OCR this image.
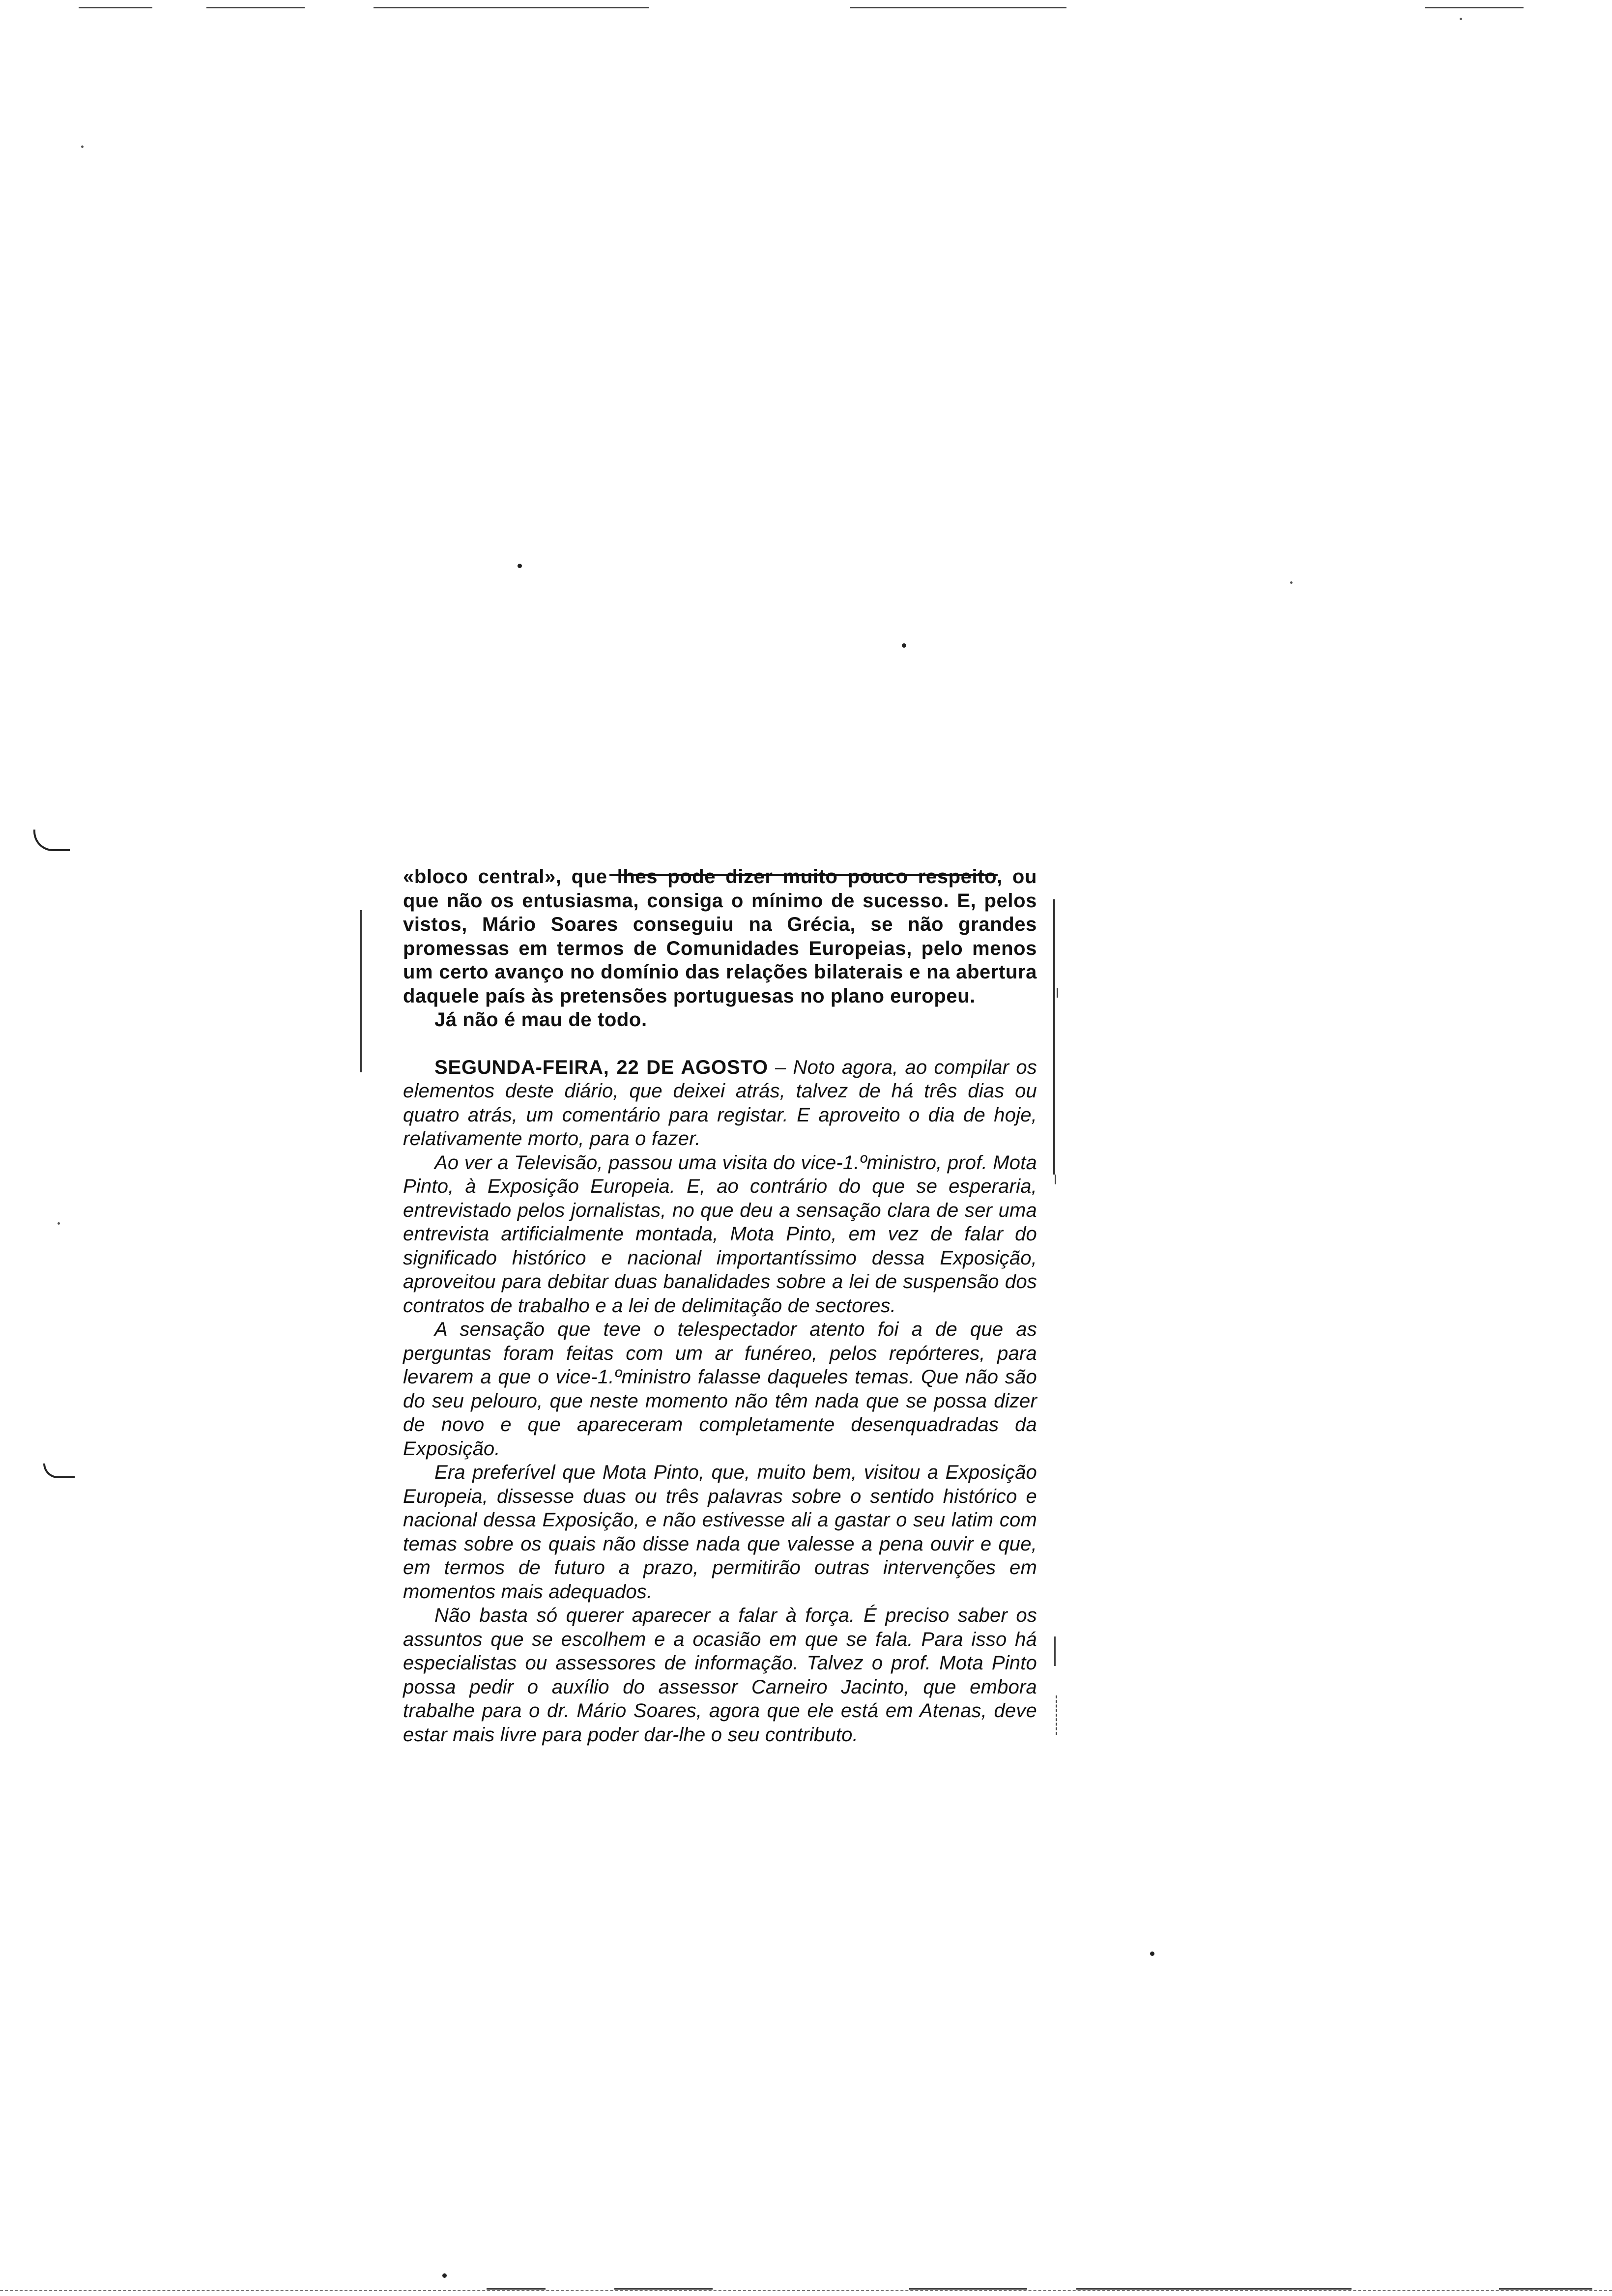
«bloco central», que lhes pode dizer muito pouco respeito, ou que não os entusiasma, consiga o mínimo de sucesso. E, pelos vistos, Mário Soares conseguiu na Grécia, se não grandes promessas em termos de Comunidades Europeias, pelo menos um certo avanço no domínio das relações bilaterais e na abertura daquele país às pretensões portuguesas no plano europeu.

Já não é mau de todo.

SEGUNDA-FEIRA, 22 DE AGOSTO – Noto agora, ao compilar os elementos deste diário, que deixei atrás, talvez de há três dias ou quatro atrás, um comentário para registar. E aproveito o dia de hoje, relativamente morto, para o fazer.

Ao ver a Televisão, passou uma visita do vice-1.ºministro, prof. Mota Pinto, à Exposição Europeia. E, ao contrário do que se esperaria, entrevistado pelos jornalistas, no que deu a sensação clara de ser uma entrevista artificialmente montada, Mota Pinto, em vez de falar do significado histórico e nacional importantíssimo dessa Exposição, aproveitou para debitar duas banalidades sobre a lei de suspensão dos contratos de trabalho e a lei de delimitação de sectores.

A sensação que teve o telespectador atento foi a de que as perguntas foram feitas com um ar funéreo, pelos repórteres, para levarem a que o vice-1.ºministro falasse daqueles temas. Que não são do seu pelouro, que neste momento não têm nada que se possa dizer de novo e que apareceram completamente desenquadradas da Exposição.

Era preferível que Mota Pinto, que, muito bem, visitou a Exposição Europeia, dissesse duas ou três palavras sobre o sentido histórico e nacional dessa Exposição, e não estivesse ali a gastar o seu latim com temas sobre os quais não disse nada que valesse a pena ouvir e que, em termos de futuro a prazo, permitirão outras intervenções em momentos mais adequados.

Não basta só querer aparecer a falar à força. É preciso saber os assuntos que se escolhem e a ocasião em que se fala. Para isso há especialistas ou assessores de informação. Talvez o prof. Mota Pinto possa pedir o auxílio do assessor Carneiro Jacinto, que embora trabalhe para o dr. Mário Soares, agora que ele está em Atenas, deve estar mais livre para poder dar-lhe o seu contributo.
